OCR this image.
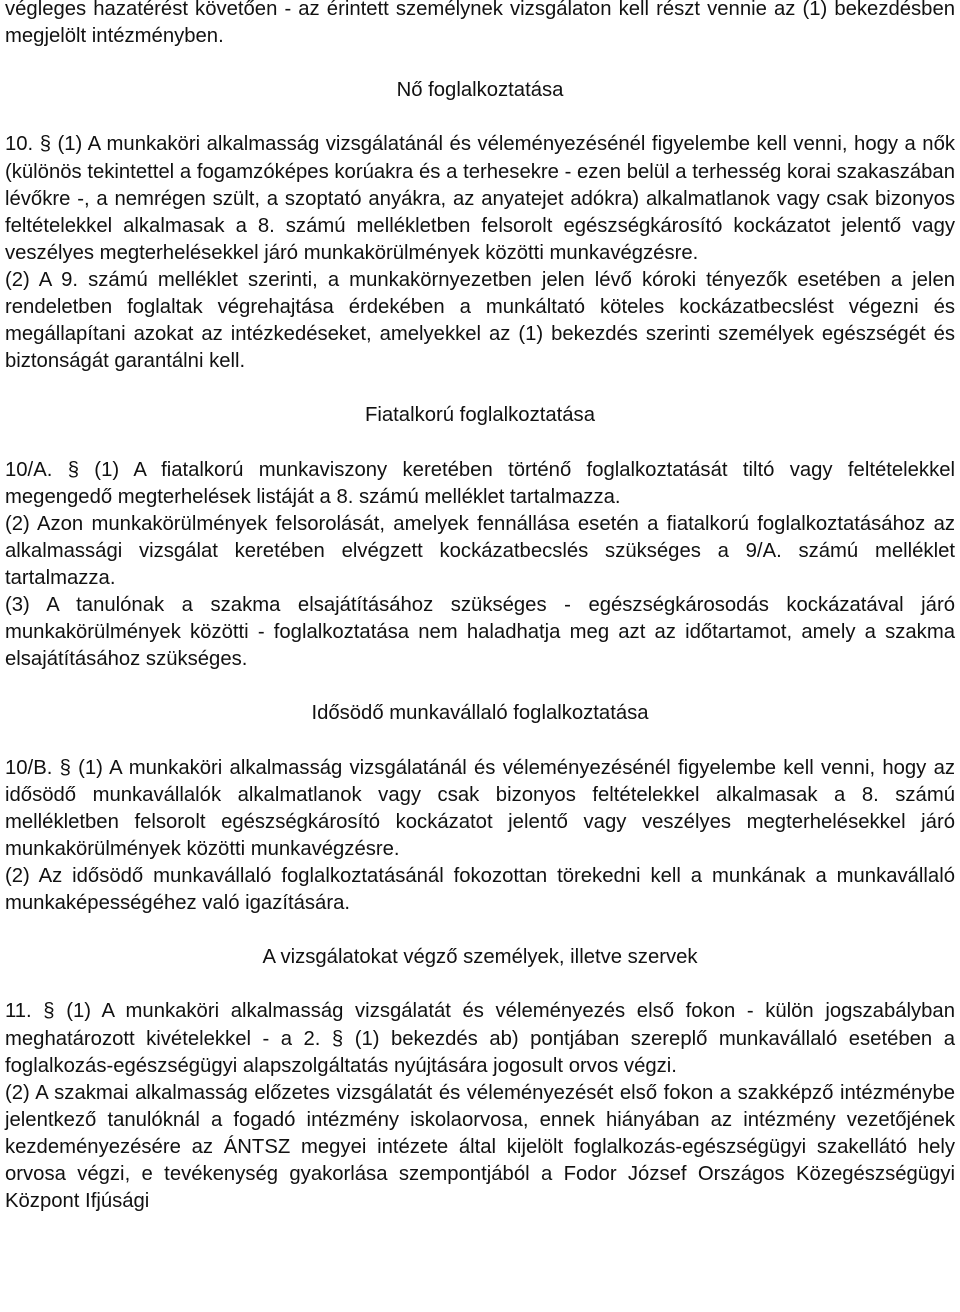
végleges hazatérést követően - az érintett személynek vizsgálaton kell részt vennie az (1) bekezdésben megjelölt intézményben.

Nő foglalkoztatása

10. § (1) A munkaköri alkalmasság vizsgálatánál és véleményezésénél figyelembe kell venni, hogy a nők (különös tekintettel a fogamzóképes korúakra és a terhesekre - ezen belül a terhesség korai szakaszában lévőkre -, a nemrégen szült, a szoptató anyákra, az anyatejet adókra) alkalmatlanok vagy csak bizonyos feltételekkel alkalmasak a 8. számú mellékletben felsorolt egészségkárosító kockázatot jelentő vagy veszélyes megterhelésekkel járó munkakörülmények közötti munkavégzésre.

(2) A 9. számú melléklet szerinti, a munkakörnyezetben jelen lévő kóroki tényezők esetében a jelen rendeletben foglaltak végrehajtása érdekében a munkáltató köteles kockázatbecslést végezni és megállapítani azokat az intézkedéseket, amelyekkel az (1) bekezdés szerinti személyek egészségét és biztonságát garantálni kell.

Fiatalkorú foglalkoztatása

10/A. § (1) A fiatalkorú munkaviszony keretében történő foglalkoztatását tiltó vagy feltételekkel megengedő megterhelések listáját a 8. számú melléklet tartalmazza.

(2) Azon munkakörülmények felsorolását, amelyek fennállása esetén a fiatalkorú foglalkoztatásához az alkalmassági vizsgálat keretében elvégzett kockázatbecslés szükséges a 9/A. számú melléklet tartalmazza.

(3) A tanulónak a szakma elsajátításához szükséges - egészségkárosodás kockázatával járó munkakörülmények közötti - foglalkoztatása nem haladhatja meg azt az időtartamot, amely a szakma elsajátításához szükséges.

Idősödő munkavállaló foglalkoztatása

10/B. § (1) A munkaköri alkalmasság vizsgálatánál és véleményezésénél figyelembe kell venni, hogy az idősödő munkavállalók alkalmatlanok vagy csak bizonyos feltételekkel alkalmasak a 8. számú mellékletben felsorolt egészségkárosító kockázatot jelentő vagy veszélyes megterhelésekkel járó munkakörülmények közötti munkavégzésre.

(2) Az idősödő munkavállaló foglalkoztatásánál fokozottan törekedni kell a munkának a munkavállaló munkaképességéhez való igazítására.

A vizsgálatokat végző személyek, illetve szervek

11. § (1) A munkaköri alkalmasság vizsgálatát és véleményezés első fokon - külön jogszabályban meghatározott kivételekkel - a 2. § (1) bekezdés ab) pontjában szereplő munkavállaló esetében a foglalkozás-egészségügyi alapszolgáltatás nyújtására jogosult orvos végzi.

(2) A szakmai alkalmasság előzetes vizsgálatát és véleményezését első fokon a szakképző intézménybe jelentkező tanulóknál a fogadó intézmény iskolaorvosa, ennek hiányában az intézmény vezetőjének kezdeményezésére az ÁNTSZ megyei intézete által kijelölt foglalkozás-egészségügyi szakellátó hely orvosa végzi, e tevékenység gyakorlása szempontjából a Fodor József Országos Közegészségügyi Központ Ifjúsági
